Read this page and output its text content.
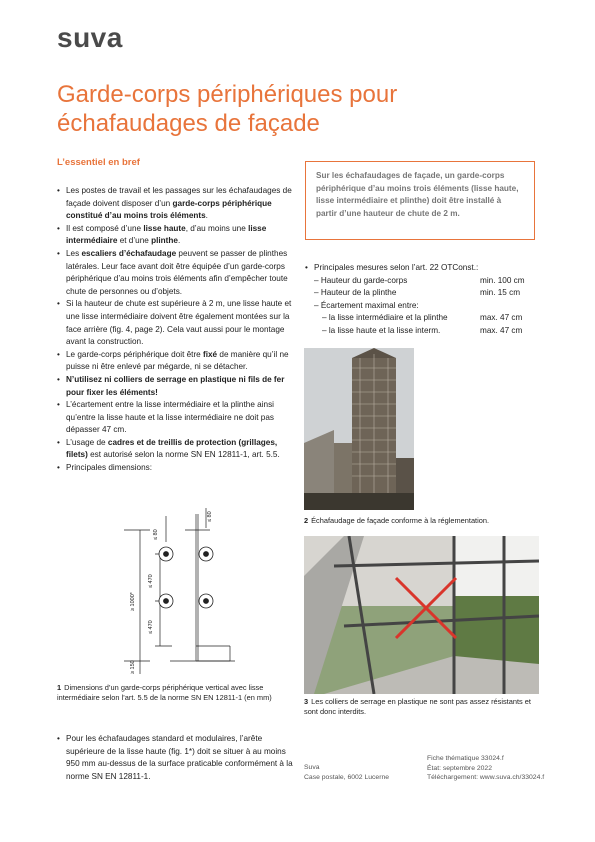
suva
Garde-corps périphériques pour échafaudages de façade
L’essentiel en bref
• Les postes de travail et les passages sur les échafaudages de façade doivent disposer d’un garde-corps périphérique constitué d’au moins trois éléments.
• Il est composé d’une lisse haute, d’au moins une lisse intermédiaire et d’une plinthe.
• Les escaliers d’échafaudage peuvent se passer de plinthes latérales. Leur face avant doit être équipée d’un garde-corps périphérique d’au moins trois éléments afin d’empêcher toute chute de personnes ou d’objets.
• Si la hauteur de chute est supérieure à 2 m, une lisse haute et une lisse intermédiaire doivent être également montées sur la face arrière (fig. 4, page 2). Cela vaut aussi pour le montage avant la construction.
• Le garde-corps périphérique doit être fixé de manière qu’il ne puisse ni être enlevé par mégarde, ni se détacher.
• N’utilisez ni colliers de serrage en plastique ni fils de fer pour fixer les éléments!
• L’écartement entre la lisse intermédiaire et la plinthe ainsi qu’entre la lisse haute et la lisse intermédiaire ne doit pas dépasser 47 cm.
• L’usage de cadres et de treillis de protection (grillages, filets) est autorisé selon la norme SN EN 12811-1, art. 5.5.
• Principales dimensions:
Sur les échafaudages de façade, un garde-corps périphérique d’au moins trois éléments (lisse haute, lisse intermédiaire et plinthe) doit être installé à partir d’une hauteur de chute de 2 m.
• Principales mesures selon l’art. 22 OTConst.:
– Hauteur du garde-corps	min. 100 cm
– Hauteur de la plinthe	min. 15 cm
– Écartement maximal entre:
– la lisse intermédiaire et la plinthe	max. 47 cm
– la lisse haute et la lisse interm.	max. 47 cm
≤ 80
≤ 80
≤ 470
≤ 470
≥ 1000*
≥ 150
1 Dimensions d’un garde-corps périphérique vertical avec lisse intermédiaire selon l’art. 5.5 de la norme SN EN 12811-1 (en mm)
2 Échafaudage de façade conforme à la réglementation.
3 Les colliers de serrage en plastique ne sont pas assez résistants et sont donc interdits.
• Pour les échafaudages standard et modulaires, l’arête supérieure de la lisse haute (fig. 1*) doit se situer à au moins 950 mm au-dessus de la surface praticable conformément à la norme SN EN 12811-1.
Suva
Case postale, 6002 Lucerne
Fiche thématique 33024.f
État: septembre 2022
Téléchargement: www.suva.ch/33024.f
